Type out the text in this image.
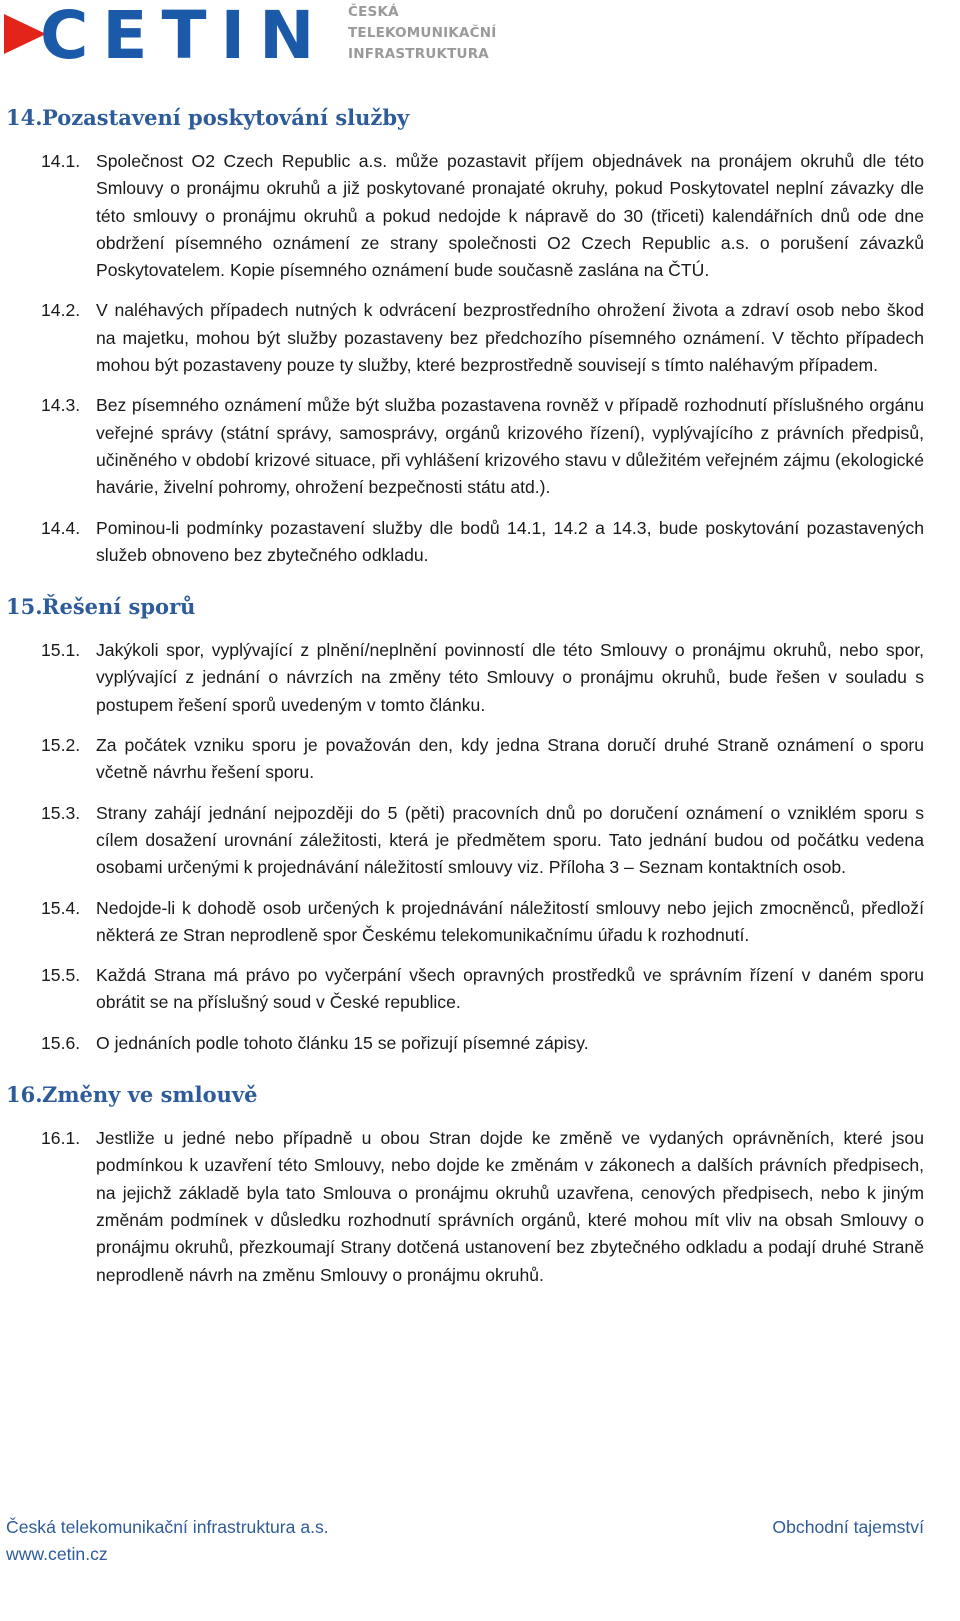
CETIN ČESKÁ
TELEKOMUNIKAČNÍ
INFRASTRUKTURA
14. Pozastavení poskytování služby
14.1. Společnost O2 Czech Republic a.s. může pozastavit příjem objednávek na pronájem okruhů dle této Smlouvy o pronájmu okruhů a již poskytované pronajaté okruhy, pokud Poskytovatel neplní závazky dle této smlouvy o pronájmu okruhů a pokud nedojde k nápravě do 30 (třiceti) kalendářních dnů ode dne obdržení písemného oznámení ze strany společnosti O2 Czech Republic a.s. o porušení závazků Poskytovatelem. Kopie písemného oznámení bude současně zaslána na ČTÚ.
14.2. V naléhavých případech nutných k odvrácení bezprostředního ohrožení života a zdraví osob nebo škod na majetku, mohou být služby pozastaveny bez předchozího písemného oznámení. V těchto případech mohou být pozastaveny pouze ty služby, které bezprostředně souvisejí s tímto naléhavým případem.
14.3. Bez písemného oznámení může být služba pozastavena rovněž v případě rozhodnutí příslušného orgánu veřejné správy (státní správy, samosprávy, orgánů krizového řízení), vyplývajícího z právních předpisů, učiněného v období krizové situace, při vyhlášení krizového stavu v důležitém veřejném zájmu (ekologické havárie, živelní pohromy, ohrožení bezpečnosti státu atd.).
14.4. Pominou-li podmínky pozastavení služby dle bodů 14.1, 14.2 a 14.3, bude poskytování pozastavených služeb obnoveno bez zbytečného odkladu.
15. Řešení sporů
15.1. Jakýkoli spor, vyplývající z plnění/neplnění povinností dle této Smlouvy o pronájmu okruhů, nebo spor, vyplývající z jednání o návrzích na změny této Smlouvy o pronájmu okruhů, bude řešen v souladu s postupem řešení sporů uvedeným v tomto článku.
15.2. Za počátek vzniku sporu je považován den, kdy jedna Strana doručí druhé Straně oznámení o sporu včetně návrhu řešení sporu.
15.3. Strany zahájí jednání nejpozději do 5 (pěti) pracovních dnů po doručení oznámení o vzniklém sporu s cílem dosažení urovnání záležitosti, která je předmětem sporu. Tato jednání budou od počátku vedena osobami určenými k projednávání náležitostí smlouvy viz. Příloha 3 – Seznam kontaktních osob.
15.4. Nedojde-li k dohodě osob určených k projednávání náležitostí smlouvy nebo jejich zmocněnců, předloží některá ze Stran neprodleně spor Českému telekomunikačnímu úřadu k rozhodnutí.
15.5. Každá Strana má právo po vyčerpání všech opravných prostředků ve správním řízení v daném sporu obrátit se na příslušný soud v České republice.
15.6. O jednáních podle tohoto článku 15 se pořizují písemné zápisy.
16. Změny ve smlouvě
16.1. Jestliže u jedné nebo případně u obou Stran dojde ke změně ve vydaných oprávněních, které jsou podmínkou k uzavření této Smlouvy, nebo dojde ke změnám v zákonech a dalších právních předpisech, na jejichž základě byla tato Smlouva o pronájmu okruhů uzavřena, cenových předpisech, nebo k jiným změnám podmínek v důsledku rozhodnutí správních orgánů, které mohou mít vliv na obsah Smlouvy o pronájmu okruhů, přezkoumají Strany dotčená ustanovení bez zbytečného odkladu a podají druhé Straně neprodleně návrh na změnu Smlouvy o pronájmu okruhů.
Česká telekomunikační infrastruktura a.s.	Obchodní tajemství
www.cetin.cz
